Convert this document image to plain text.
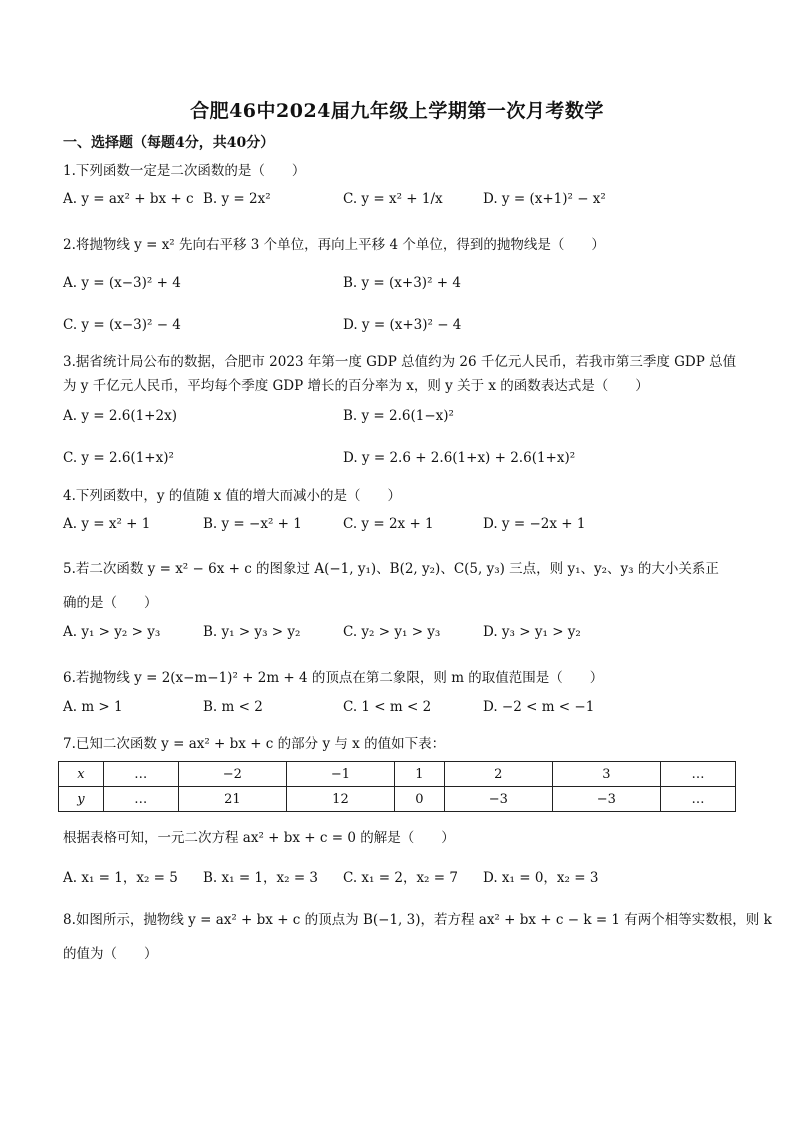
合肥46中2024届九年级上学期第一次月考数学
一、选择题（每题4分，共40分）
1.下列函数一定是二次函数的是（　　）
A. y = ax² + bx + c B. y = 2x²	C. y = x² + 1/x	D. y = (x+1)² − x²
2.将抛物线 y = x² 先向右平移 3 个单位，再向上平移 4 个单位，得到的抛物线是（　　）
A. y = (x−3)² + 4	B. y = (x+3)² + 4
C. y = (x−3)² − 4	D. y = (x+3)² − 4
3.据省统计局公布的数据，合肥市 2023 年第一度 GDP 总值约为 26 千亿元人民币，若我市第三季度 GDP 总值
为 y 千亿元人民币，平均每个季度 GDP 增长的百分率为 x，则 y 关于 x 的函数表达式是（　　）
A. y = 2.6(1+2x)	B. y = 2.6(1−x)²
C. y = 2.6(1+x)²	D. y = 2.6 + 2.6(1+x) + 2.6(1+x)²
4.下列函数中，y 的值随 x 值的增大而减小的是（　　）
A. y = x² + 1	B. y = −x² + 1	C. y = 2x + 1	D. y = −2x + 1
5.若二次函数 y = x² − 6x + c 的图象过 A(−1, y₁)、B(2, y₂)、C(5, y₃) 三点，则 y₁、y₂、y₃ 的大小关系正
确的是（　　）
A. y₁ > y₂ > y₃	B. y₁ > y₃ > y₂	C. y₂ > y₁ > y₃	D. y₃ > y₁ > y₂
6.若抛物线 y = 2(x−m−1)² + 2m + 4 的顶点在第二象限，则 m 的取值范围是（　　）
A. m > 1	B. m < 2	C. 1 < m < 2	D. −2 < m < −1
7.已知二次函数 y = ax² + bx + c 的部分 y 与 x 的值如下表：
x	…	−2	−1	1	2	3	…
y	…	21	12	0	−3	−3	…
根据表格可知，一元二次方程 ax² + bx + c = 0 的解是（　　）
A. x₁ = 1，x₂ = 5 B. x₁ = 1，x₂ = 3 C. x₁ = 2，x₂ = 7 D. x₁ = 0，x₂ = 3
8.如图所示，抛物线 y = ax² + bx + c 的顶点为 B(−1, 3)，若方程 ax² + bx + c − k = 1 有两个相等实数根，则 k
的值为（　　）
